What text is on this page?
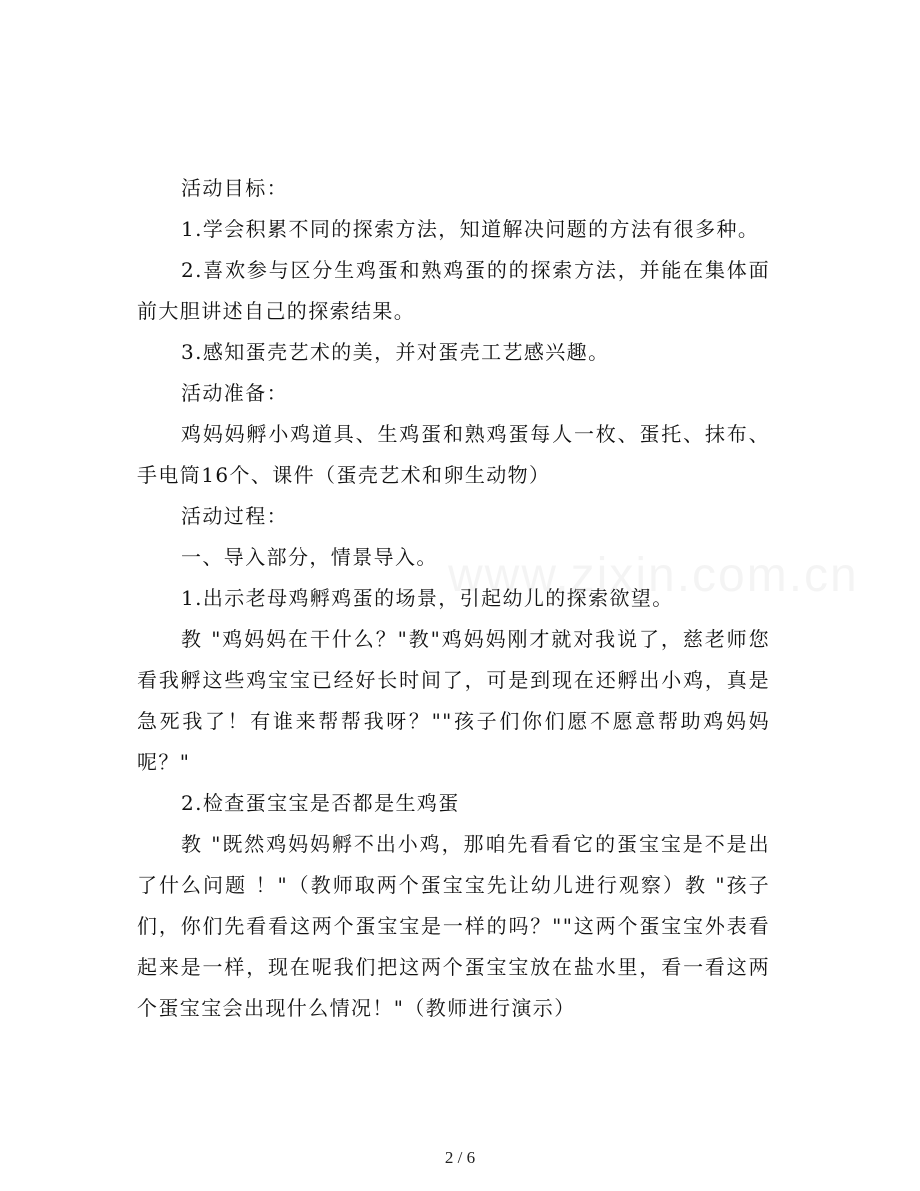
活动目标：

1.学会积累不同的探索方法，知道解决问题的方法有很多种。

2.喜欢参与区分生鸡蛋和熟鸡蛋的的探索方法，并能在集体面前大胆讲述自己的探索结果。

3.感知蛋壳艺术的美，并对蛋壳工艺感兴趣。

活动准备：

鸡妈妈孵小鸡道具、生鸡蛋和熟鸡蛋每人一枚、蛋托、抹布、手电筒16个、课件（蛋壳艺术和卵生动物）

活动过程：

一、导入部分，情景导入。

1.出示老母鸡孵鸡蛋的场景，引起幼儿的探索欲望。

教 "鸡妈妈在干什么？"教"鸡妈妈刚才就对我说了，慈老师您看我孵这些鸡宝宝已经好长时间了，可是到现在还孵出小鸡，真是急死我了！有谁来帮帮我呀？""孩子们你们愿不愿意帮助鸡妈妈呢？"

2.检查蛋宝宝是否都是生鸡蛋

教 "既然鸡妈妈孵不出小鸡，那咱先看看它的蛋宝宝是不是出了什么问题 ！"（教师取两个蛋宝宝先让幼儿进行观察）教 "孩子们，你们先看看这两个蛋宝宝是一样的吗？""这两个蛋宝宝外表看起来是一样，现在呢我们把这两个蛋宝宝放在盐水里，看一看这两个蛋宝宝会出现什么情况！"（教师进行演示）

2 / 6
